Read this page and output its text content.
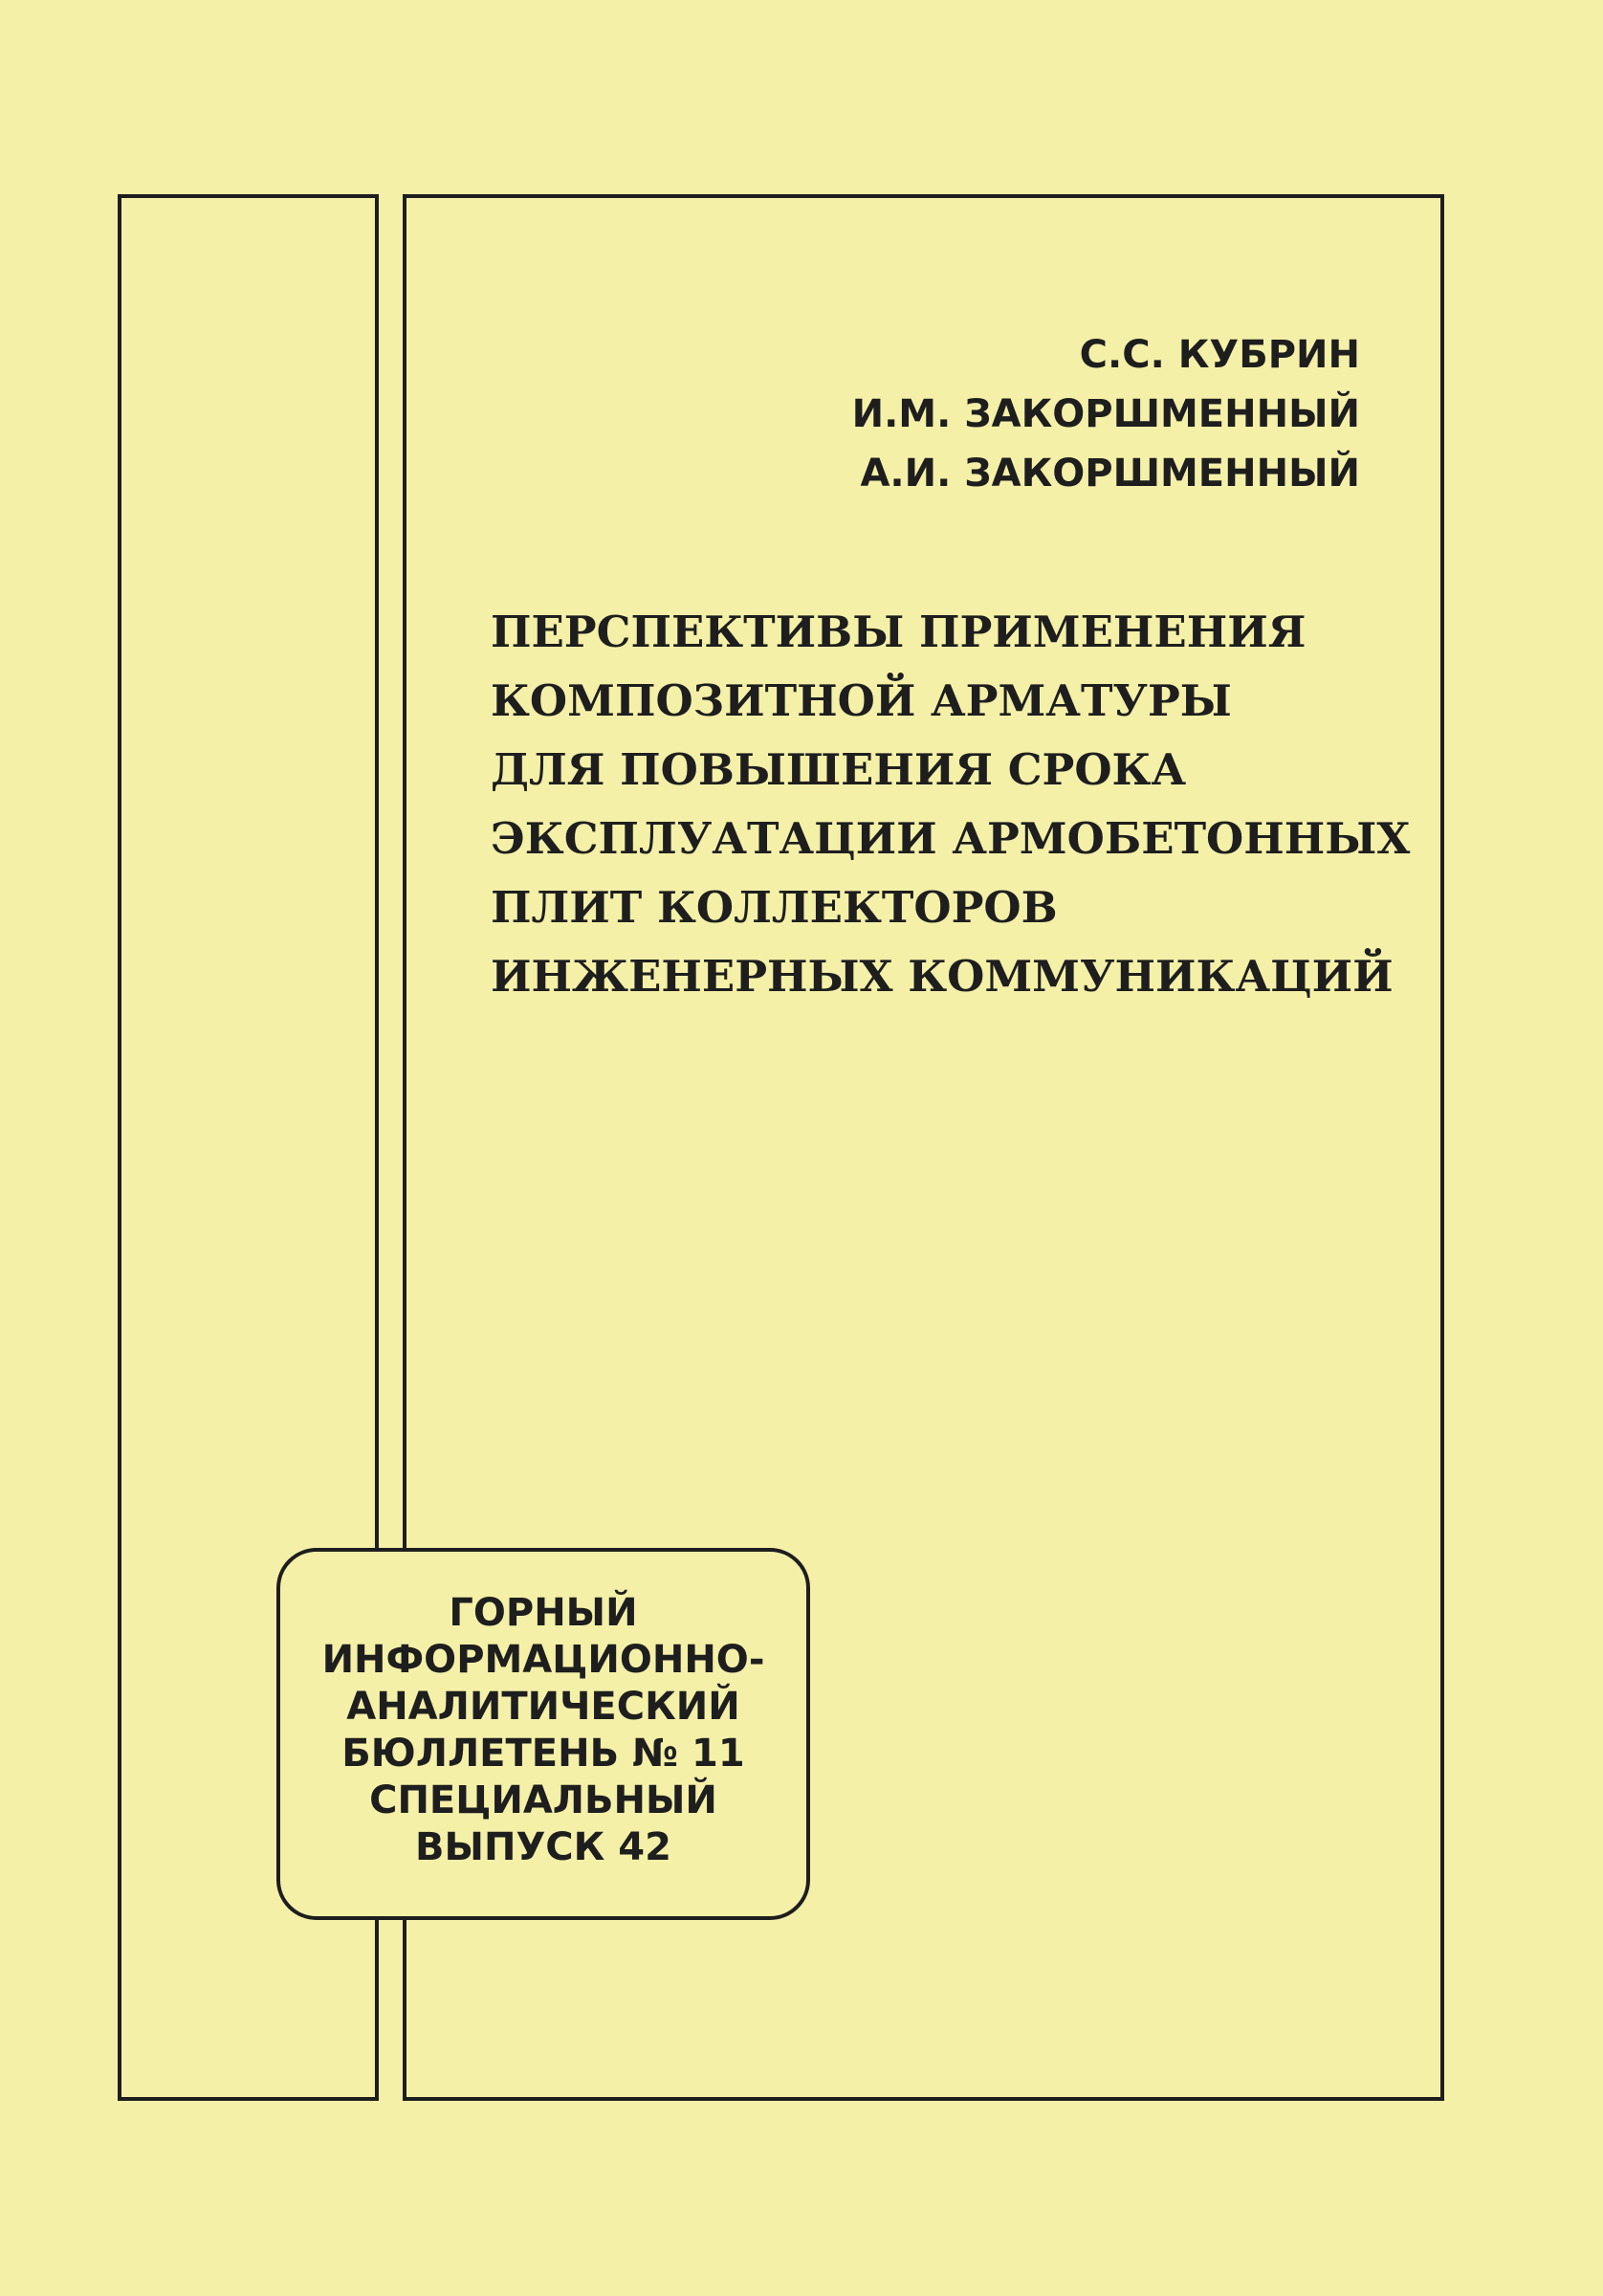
С.С. КУБРИН
И.М. ЗАКОРШМЕННЫЙ
А.И. ЗАКОРШМЕННЫЙ
ПЕРСПЕКТИВЫ ПРИМЕНЕНИЯ
КОМПОЗИТНОЙ АРМАТУРЫ
ДЛЯ ПОВЫШЕНИЯ СРОКА
ЭКСПЛУАТАЦИИ АРМОБЕТОННЫХ
ПЛИТ КОЛЛЕКТОРОВ
ИНЖЕНЕРНЫХ КОММУНИКАЦИЙ
ГОРНЫЙ
ИНФОРМАЦИОННО-
АНАЛИТИЧЕСКИЙ
БЮЛЛЕТЕНЬ № 11
СПЕЦИАЛЬНЫЙ
ВЫПУСК 42
